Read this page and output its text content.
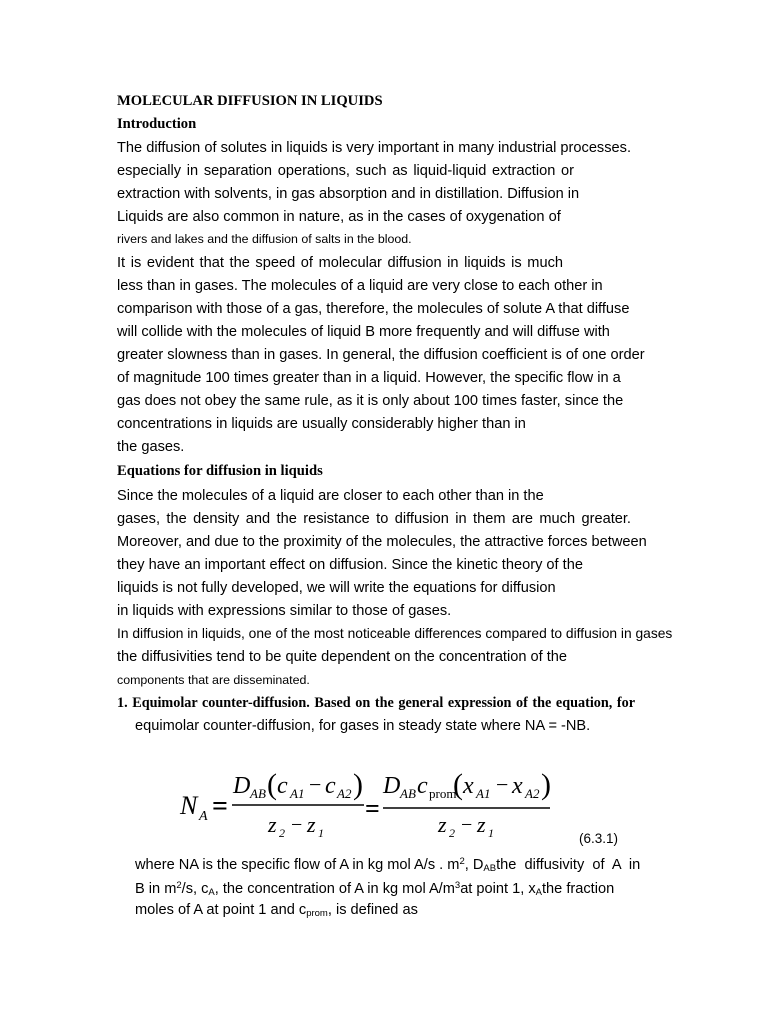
MOLECULAR DIFFUSION IN LIQUIDS
Introduction
The diffusion of solutes in liquids is very important in many industrial processes.
especially in separation operations, such as liquid-liquid extraction or
extraction with solvents, in gas absorption and in distillation. Diffusion in
Liquids are also common in nature, as in the cases of oxygenation of
rivers and lakes and the diffusion of salts in the blood.
It is evident that the speed of molecular diffusion in liquids is much
less than in gases. The molecules of a liquid are very close to each other in
comparison with those of a gas, therefore, the molecules of solute A that diffuse
will collide with the molecules of liquid B more frequently and will diffuse with
greater slowness than in gases. In general, the diffusion coefficient is of one order
of magnitude 100 times greater than in a liquid. However, the specific flow in a
gas does not obey the same rule, as it is only about 100 times faster, since the
concentrations in liquids are usually considerably higher than in
the gases.
Equations for diffusion in liquids
Since the molecules of a liquid are closer to each other than in the
gases, the density and the resistance to diffusion in them are much greater.
Moreover, and due to the proximity of the molecules, the attractive forces between
they have an important effect on diffusion. Since the kinetic theory of the
liquids is not fully developed, we will write the equations for diffusion
in liquids with expressions similar to those of gases.
In diffusion in liquids, one of the most noticeable differences compared to diffusion in gases
the diffusivities tend to be quite dependent on the concentration of the
components that are disseminated.
1. Equimolar counter-diffusion. Based on the general expression of the equation, for
equimolar counter-diffusion, for gases in steady state where NA = -NB.
N A =
D AB ( c A1 − c A2 )
z 2 − z 1
=
D AB c prom
( x A1 − x A2 )
z 2 − z 1	(6.3.1)
where NA is the specific flow of A in kg mol A/s . $m^2$, $D_{AB}the$  diffusivity  of  A  in
B in $m^2/s$, $c_A$, the concentration of A in kg mol $A/m^3at$ point 1, $x_Athe$ fraction
moles of A at point 1 and $c_{prom}$, is defined as
